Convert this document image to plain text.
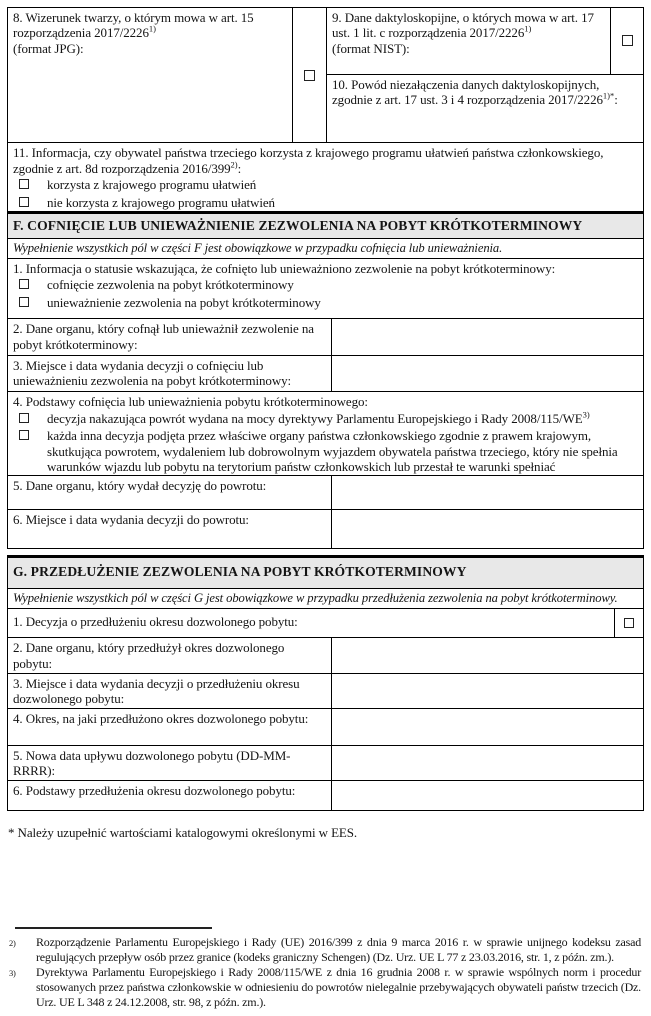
8. Wizerunek twarzy, o którym mowa w art. 15 rozporządzenia 2017/2226$^{1)}$
(format JPG):
9. Dane daktyloskopijne, o których mowa w art. 17 ust. 1 lit. c rozporządzenia 2017/2226$^{1)}$
(format NIST):
10. Powód niezałączenia danych daktyloskopijnych, zgodnie z art. 17 ust. 3 i 4 rozporządzenia $2017/2226^{1)*}$:
11. Informacja, czy obywatel państwa trzeciego korzysta z krajowego programu ułatwień państwa członkowskiego, zgodnie z art. 8d rozporządzenia 2016/399$^{2)}$:
korzysta z krajowego programu ułatwień
nie korzysta z krajowego programu ułatwień
F. COFNIĘCIE LUB UNIEWAŻNIENIE ZEZWOLENIA NA POBYT KRÓTKOTERMINOWY
Wypełnienie wszystkich pól w części F jest obowiązkowe w przypadku cofnięcia lub unieważnienia.
1. Informacja o statusie wskazująca, że cofnięto lub unieważniono zezwolenie na pobyt krótkoterminowy:
cofnięcie zezwolenia na pobyt krótkoterminowy
unieważnienie zezwolenia na pobyt krótkoterminowy
2. Dane organu, który cofnął lub unieważnił zezwolenie na pobyt krótkoterminowy:
3. Miejsce i data wydania decyzji o cofnięciu lub unieważnieniu zezwolenia na pobyt krótkoterminowy:
4. Podstawy cofnięcia lub unieważnienia pobytu krótkoterminowego:
decyzja nakazująca powrót wydana na mocy dyrektywy Parlamentu Europejskiego i Rady 2008/115/WE$^{3)}$
każda inna decyzja podjęta przez właściwe organy państwa członkowskiego zgodnie z prawem krajowym, skutkująca powrotem, wydaleniem lub dobrowolnym wyjazdem obywatela państwa trzeciego, który nie spełnia warunków wjazdu lub pobytu na terytorium państw członkowskich lub przestał te warunki spełniać
5. Dane organu, który wydał decyzję do powrotu:
6. Miejsce i data wydania decyzji do powrotu:
G. PRZEDŁUŻENIE ZEZWOLENIA NA POBYT KRÓTKOTERMINOWY
Wypełnienie wszystkich pól w części G jest obowiązkowe w przypadku przedłużenia zezwolenia na pobyt krótkoterminowy.
1. Decyzja o przedłużeniu okresu dozwolonego pobytu:
2. Dane organu, który przedłużył okres dozwolonego pobytu:
3. Miejsce i data wydania decyzji o przedłużeniu okresu dozwolonego pobytu:
4. Okres, na jaki przedłużono okres dozwolonego pobytu:
5. Nowa data upływu dozwolonego pobytu (DD-MM-RRRR):
6. Podstawy przedłużenia okresu dozwolonego pobytu:
* Należy uzupełnić wartościami katalogowymi określonymi w EES.
2)	Rozporządzenie Parlamentu Europejskiego i Rady (UE) 2016/399 z dnia 9 marca 2016 r. w sprawie unijnego kodeksu zasad regulujących przepływ osób przez granice (kodeks graniczny Schengen) (Dz. Urz. UE L 77 z 23.03.2016, str. 1, z późn. zm.).
3)	Dyrektywa Parlamentu Europejskiego i Rady 2008/115/WE z dnia 16 grudnia 2008 r. w sprawie wspólnych norm i procedur stosowanych przez państwa członkowskie w odniesieniu do powrotów nielegalnie przebywających obywateli państw trzecich (Dz. Urz. UE L 348 z 24.12.2008, str. 98, z późn. zm.).
